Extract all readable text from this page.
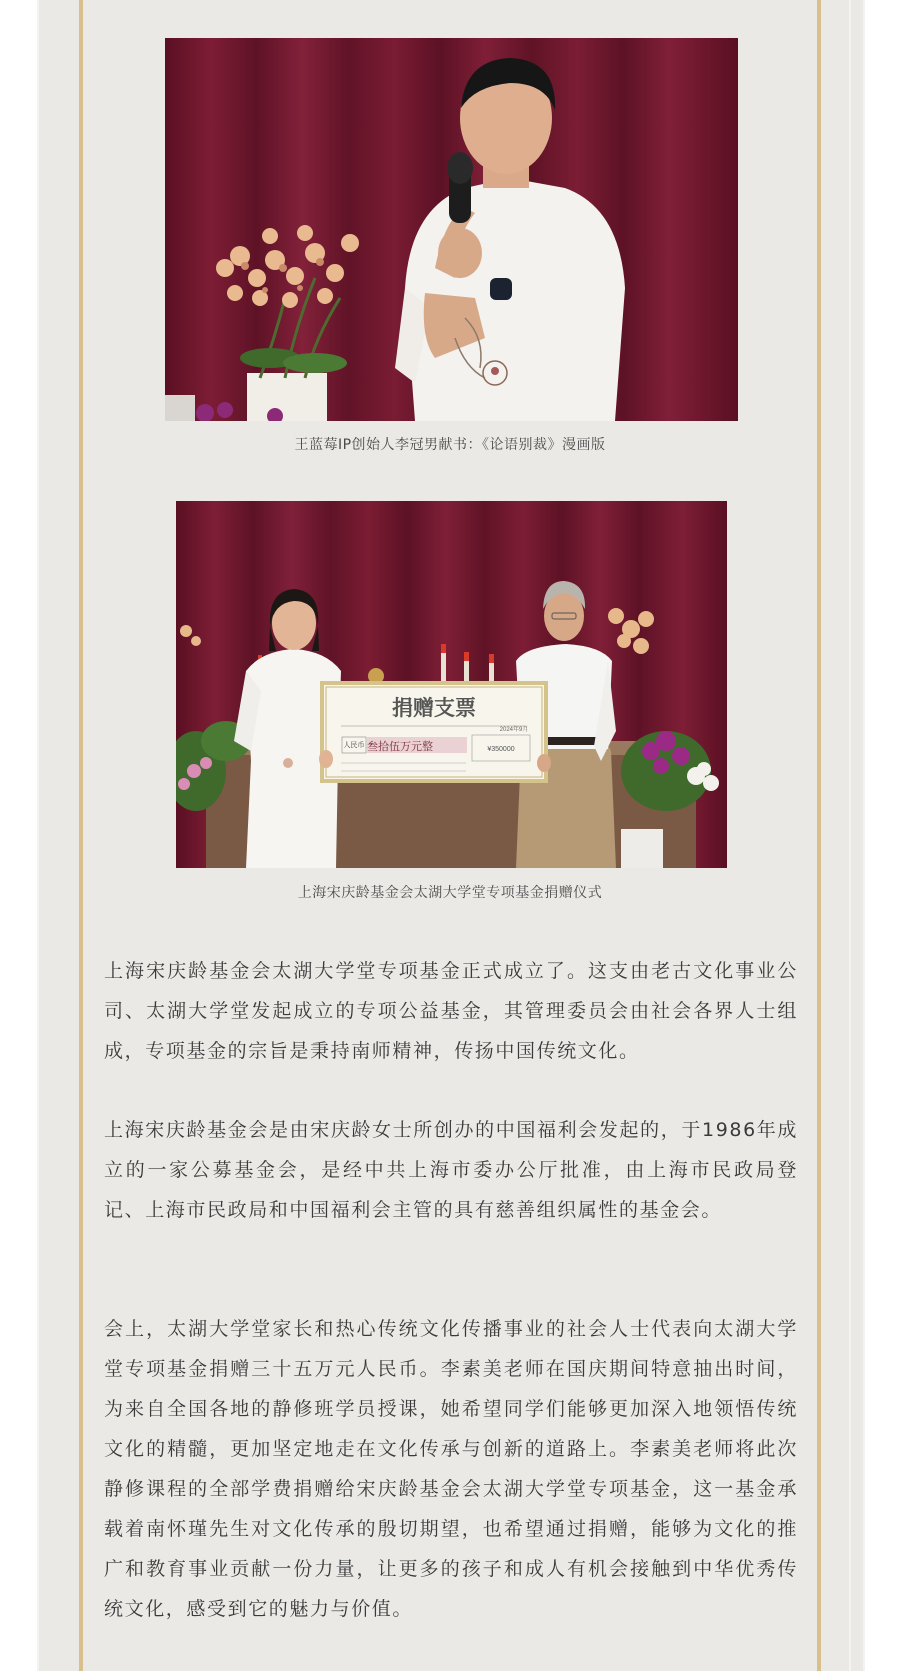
王蓝莓IP创始人李冠男献书：《论语别裁》漫画版
捐赠支票
2024年9月
人民币 叁拾伍万元整	¥350000
上海宋庆龄基金会太湖大学堂专项基金捐赠仪式

上海宋庆龄基金会太湖大学堂专项基金正式成立了。这支由老古文化事业公司、太湖大学堂发起成立的专项公益基金，其管理委员会由社会各界人士组成，专项基金的宗旨是秉持南师精神，传扬中国传统文化。

上海宋庆龄基金会是由宋庆龄女士所创办的中国福利会发起的，于1986年成立的一家公募基金会，是经中共上海市委办公厅批准，由上海市民政局登记、上海市民政局和中国福利会主管的具有慈善组织属性的基金会。

会上，太湖大学堂家长和热心传统文化传播事业的社会人士代表向太湖大学堂专项基金捐赠三十五万元人民币。李素美老师在国庆期间特意抽出时间，为来自全国各地的静修班学员授课，她希望同学们能够更加深入地领悟传统文化的精髓，更加坚定地走在文化传承与创新的道路上。李素美老师将此次静修课程的全部学费捐赠给宋庆龄基金会太湖大学堂专项基金，这一基金承载着南怀瑾先生对文化传承的殷切期望，也希望通过捐赠，能够为文化的推广和教育事业贡献一份力量，让更多的孩子和成人有机会接触到中华优秀传统文化，感受到它的魅力与价值。
